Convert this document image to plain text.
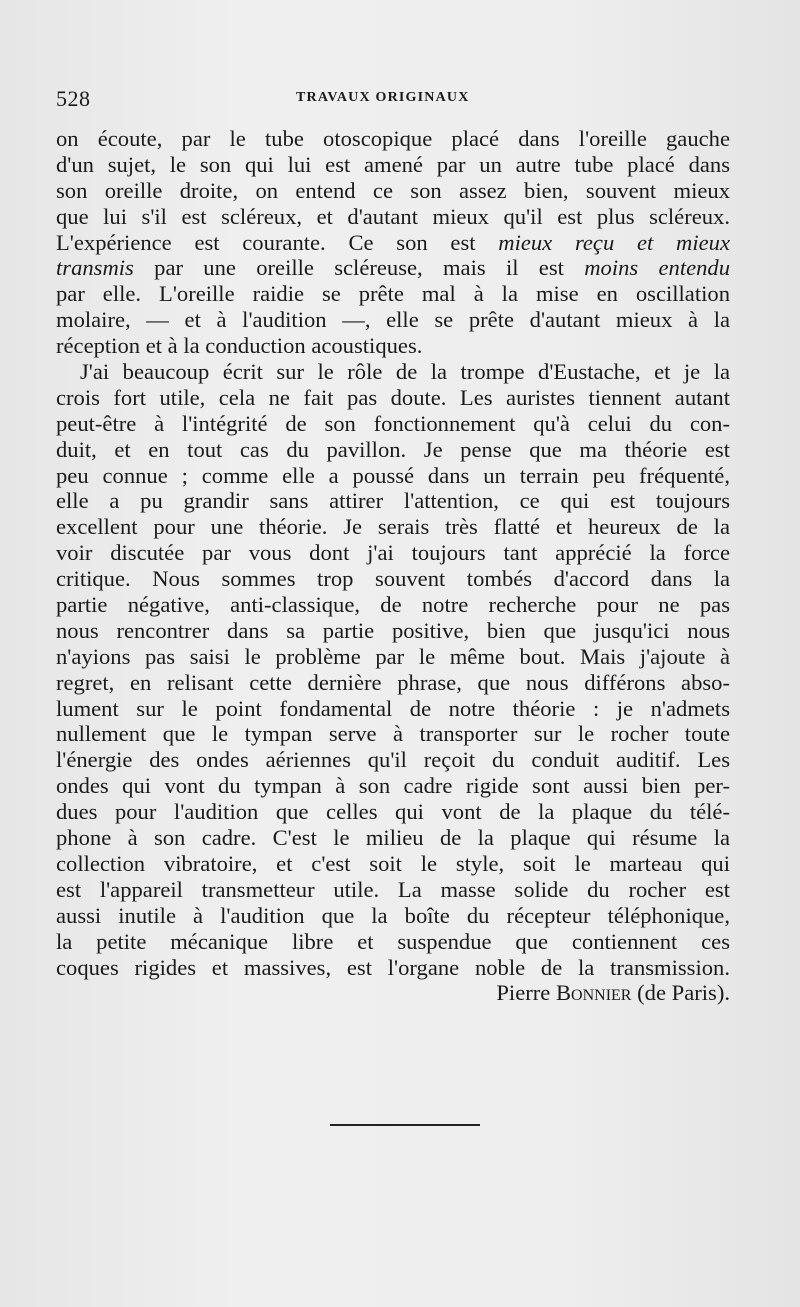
528	TRAVAUX ORIGINAUX
on écoute, par le tube otoscopique placé dans l'oreille gauche
d'un sujet, le son qui lui est amené par un autre tube placé dans
son oreille droite, on entend ce son assez bien, souvent mieux
que lui s'il est scléreux, et d'autant mieux qu'il est plus scléreux.
L'expérience est courante. Ce son est mieux reçu et mieux
transmis par une oreille scléreuse, mais il est moins entendu
par elle. L'oreille raidie se prête mal à la mise en oscillation
molaire, — et à l'audition —, elle se prête d'autant mieux à la
réception et à la conduction acoustiques.
J'ai beaucoup écrit sur le rôle de la trompe d'Eustache, et je la
crois fort utile, cela ne fait pas doute. Les auristes tiennent autant
peut-être à l'intégrité de son fonctionnement qu'à celui du con-
duit, et en tout cas du pavillon. Je pense que ma théorie est
peu connue ; comme elle a poussé dans un terrain peu fréquenté,
elle a pu grandir sans attirer l'attention, ce qui est toujours
excellent pour une théorie. Je serais très flatté et heureux de la
voir discutée par vous dont j'ai toujours tant apprécié la force
critique. Nous sommes trop souvent tombés d'accord dans la
partie négative, anti-classique, de notre recherche pour ne pas
nous rencontrer dans sa partie positive, bien que jusqu'ici nous
n'ayions pas saisi le problème par le même bout. Mais j'ajoute à
regret, en relisant cette dernière phrase, que nous différons abso-
lument sur le point fondamental de notre théorie : je n'admets
nullement que le tympan serve à transporter sur le rocher toute
l'énergie des ondes aériennes qu'il reçoit du conduit auditif. Les
ondes qui vont du tympan à son cadre rigide sont aussi bien per-
dues pour l'audition que celles qui vont de la plaque du télé-
phone à son cadre. C'est le milieu de la plaque qui résume la
collection vibratoire, et c'est soit le style, soit le marteau qui
est l'appareil transmetteur utile. La masse solide du rocher est
aussi inutile à l'audition que la boîte du récepteur téléphonique,
la petite mécanique libre et suspendue que contiennent ces
coques rigides et massives, est l'organe noble de la transmission.
Pierre Bonnier (de Paris).
